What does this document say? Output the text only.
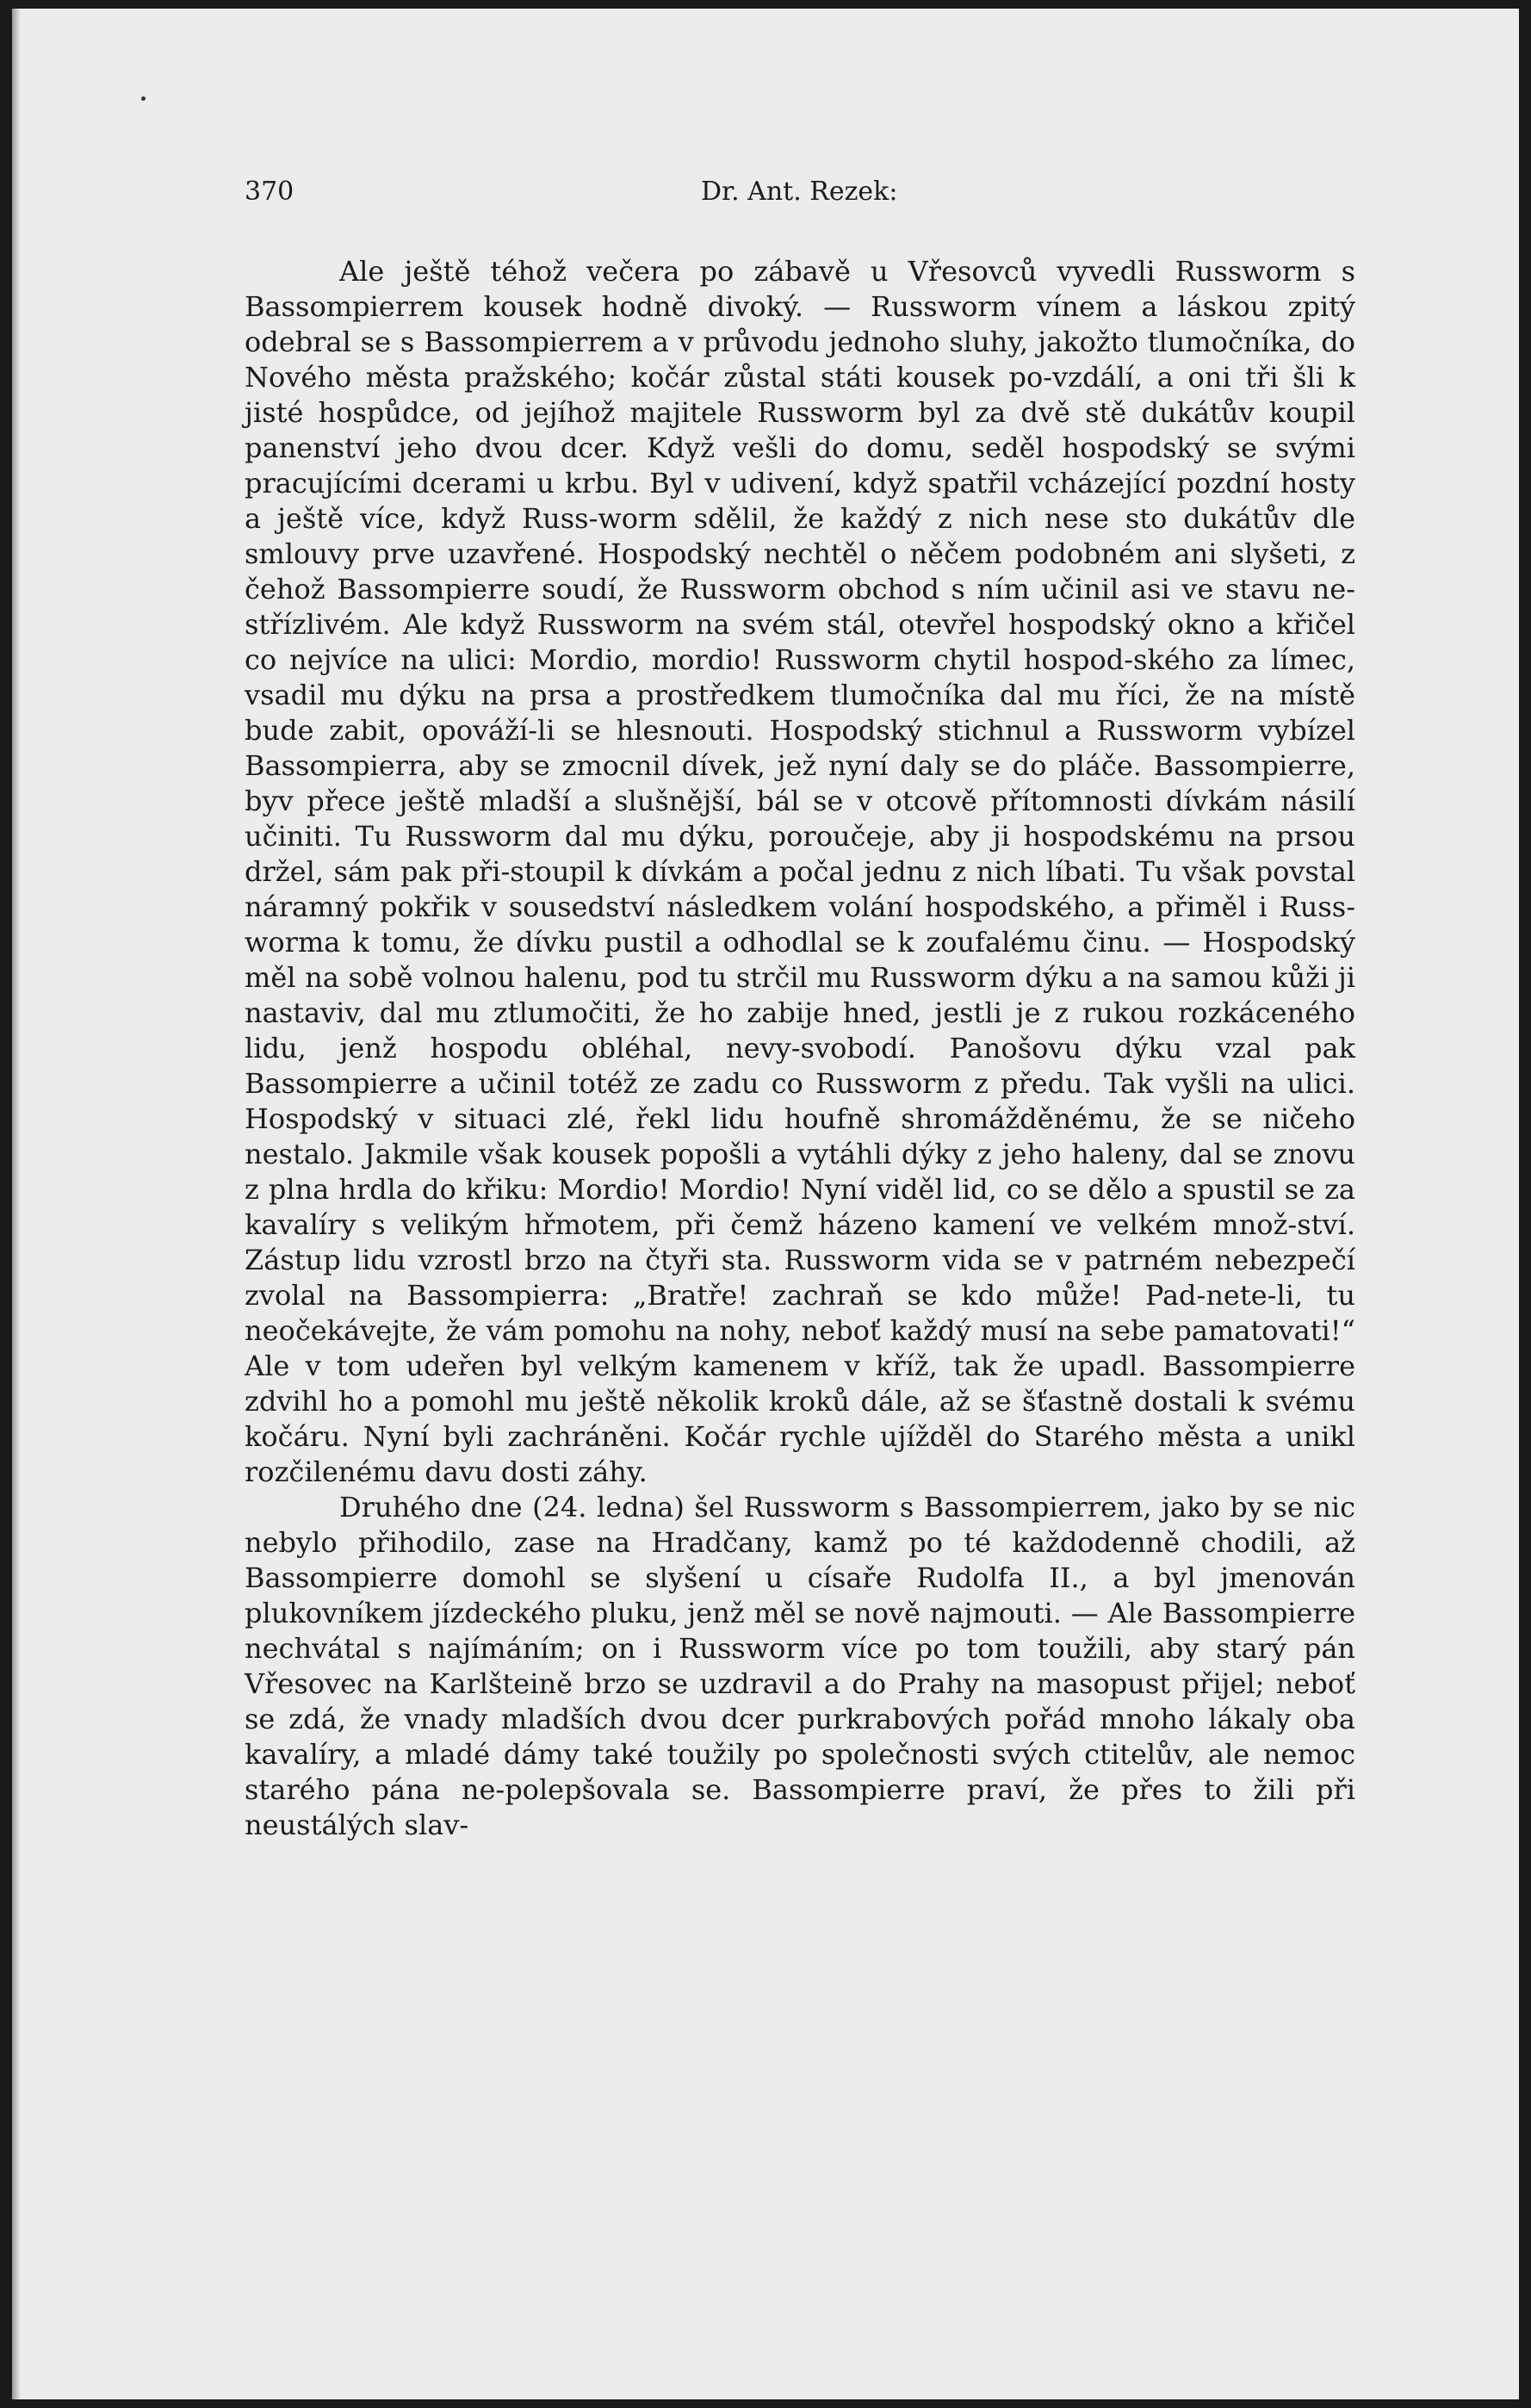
370	Dr. Ant. Rezek:

Ale ještě téhož večera po zábavě u Vřesovců vyvedli Russworm s Bassompierrem kousek hodně divoký. — Russworm vínem a láskou zpitý odebral se s Bassompierrem a v průvodu jednoho sluhy, jakožto tlumočníka, do Nového města pražského; kočár zůstal státi kousek po-vzdálí, a oni tři šli k jisté hospůdce, od jejíhož majitele Russworm byl za dvě stě dukátův koupil panenství jeho dvou dcer. Když vešli do domu, seděl hospodský se svými pracujícími dcerami u krbu. Byl v udivení, když spatřil vcházející pozdní hosty a ještě více, když Russ-worm sdělil, že každý z nich nese sto dukátův dle smlouvy prve uzavřené. Hospodský nechtěl o něčem podobném ani slyšeti, z čehož Bassompierre soudí, že Russworm obchod s ním učinil asi ve stavu ne-střízlivém. Ale když Russworm na svém stál, otevřel hospodský okno a křičel co nejvíce na ulici: Mordio, mordio! Russworm chytil hospod-ského za límec, vsadil mu dýku na prsa a prostředkem tlumočníka dal mu říci, že na místě bude zabit, opováží-li se hlesnouti. Hospodský stichnul a Russworm vybízel Bassompierra, aby se zmocnil dívek, jež nyní daly se do pláče. Bassompierre, byv přece ještě mladší a slušnější, bál se v otcově přítomnosti dívkám násilí učiniti. Tu Russworm dal mu dýku, poroučeje, aby ji hospodskému na prsou držel, sám pak při-stoupil k dívkám a počal jednu z nich líbati. Tu však povstal náramný pokřik v sousedství následkem volání hospodského, a přiměl i Russ-worma k tomu, že dívku pustil a odhodlal se k zoufalému činu. — Hospodský měl na sobě volnou halenu, pod tu strčil mu Russworm dýku a na samou kůži ji nastaviv, dal mu ztlumočiti, že ho zabije hned, jestli je z rukou rozkáceného lidu, jenž hospodu obléhal, nevy-svobodí. Panošovu dýku vzal pak Bassompierre a učinil totéž ze zadu co Russworm z předu. Tak vyšli na ulici. Hospodský v situaci zlé, řekl lidu houfně shromážděnému, že se ničeho nestalo. Jakmile však kousek popošli a vytáhli dýky z jeho haleny, dal se znovu z plna hrdla do křiku: Mordio! Mordio! Nyní viděl lid, co se dělo a spustil se za kavalíry s velikým hřmotem, při čemž házeno kamení ve velkém množ-ství. Zástup lidu vzrostl brzo na čtyři sta. Russworm vida se v patrném nebezpečí zvolal na Bassompierra: „Bratře! zachraň se kdo může! Pad-nete-li, tu neočekávejte, že vám pomohu na nohy, neboť každý musí na sebe pamatovati!“ Ale v tom udeřen byl velkým kamenem v kříž, tak že upadl. Bassompierre zdvihl ho a pomohl mu ještě několik kroků dále, až se šťastně dostali k svému kočáru. Nyní byli zachráněni. Kočár rychle ujížděl do Starého města a unikl rozčilenému davu dosti záhy.

Druhého dne (24. ledna) šel Russworm s Bassompierrem, jako by se nic nebylo přihodilo, zase na Hradčany, kamž po té každodenně chodili, až Bassompierre domohl se slyšení u císaře Rudolfa II., a byl jmenován plukovníkem jízdeckého pluku, jenž měl se nově najmouti. — Ale Bassompierre nechvátal s najímáním; on i Russworm více po tom toužili, aby starý pán Vřesovec na Karlšteině brzo se uzdravil a do Prahy na masopust přijel; neboť se zdá, že vnady mladších dvou dcer purkrabových pořád mnoho lákaly oba kavalíry, a mladé dámy také toužily po společnosti svých ctitelův, ale nemoc starého pána ne-polepšovala se. Bassompierre praví, že přes to žili při neustálých slav-
